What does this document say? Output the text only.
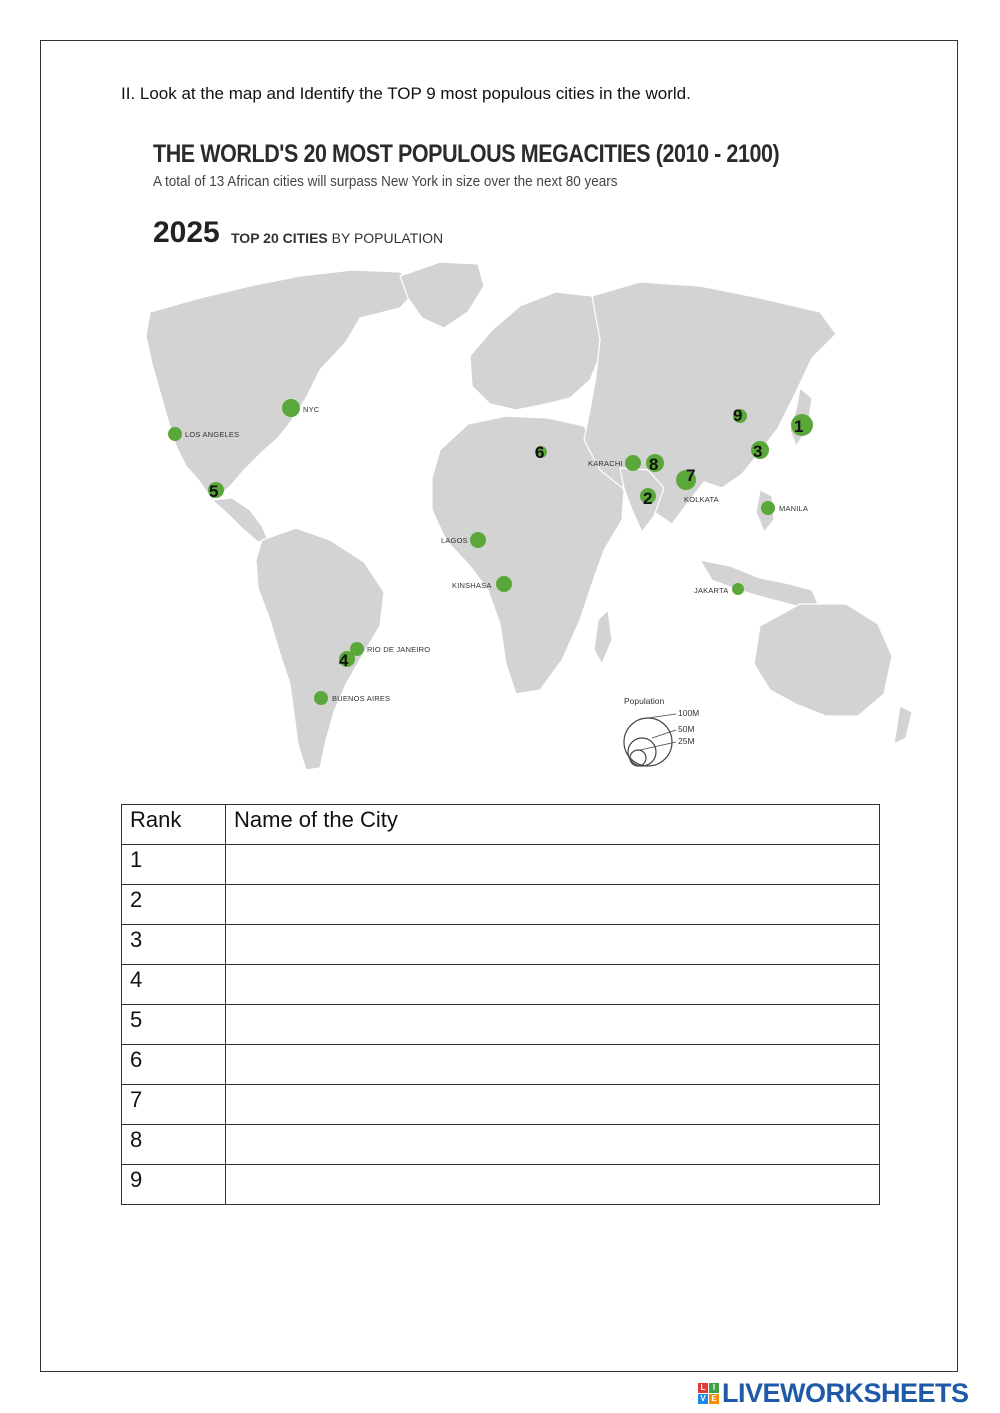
II. Look at the map and Identify the TOP 9 most populous cities in the world.
THE WORLD'S 20 MOST POPULOUS MEGACITIES (2010 - 2100)
A total of 13 African cities will surpass New York in size over the next 80 years
2025 TOP 20 CITIES BY POPULATION
1
2
3
4
5
6
7
8
9
NYC
LOS ANGELES
KARACHI
KOLKATA
MANILA
LAGOS
KINSHASA
JAKARTA
RIO DE JANEIRO
BUENOS AIRES	Population
100M
50M
25M
Rank	Name of the City
1	

2	

3	

4	

5	

6	

7	

8	

9	
L I
V E LIVEWORKSHEETS
